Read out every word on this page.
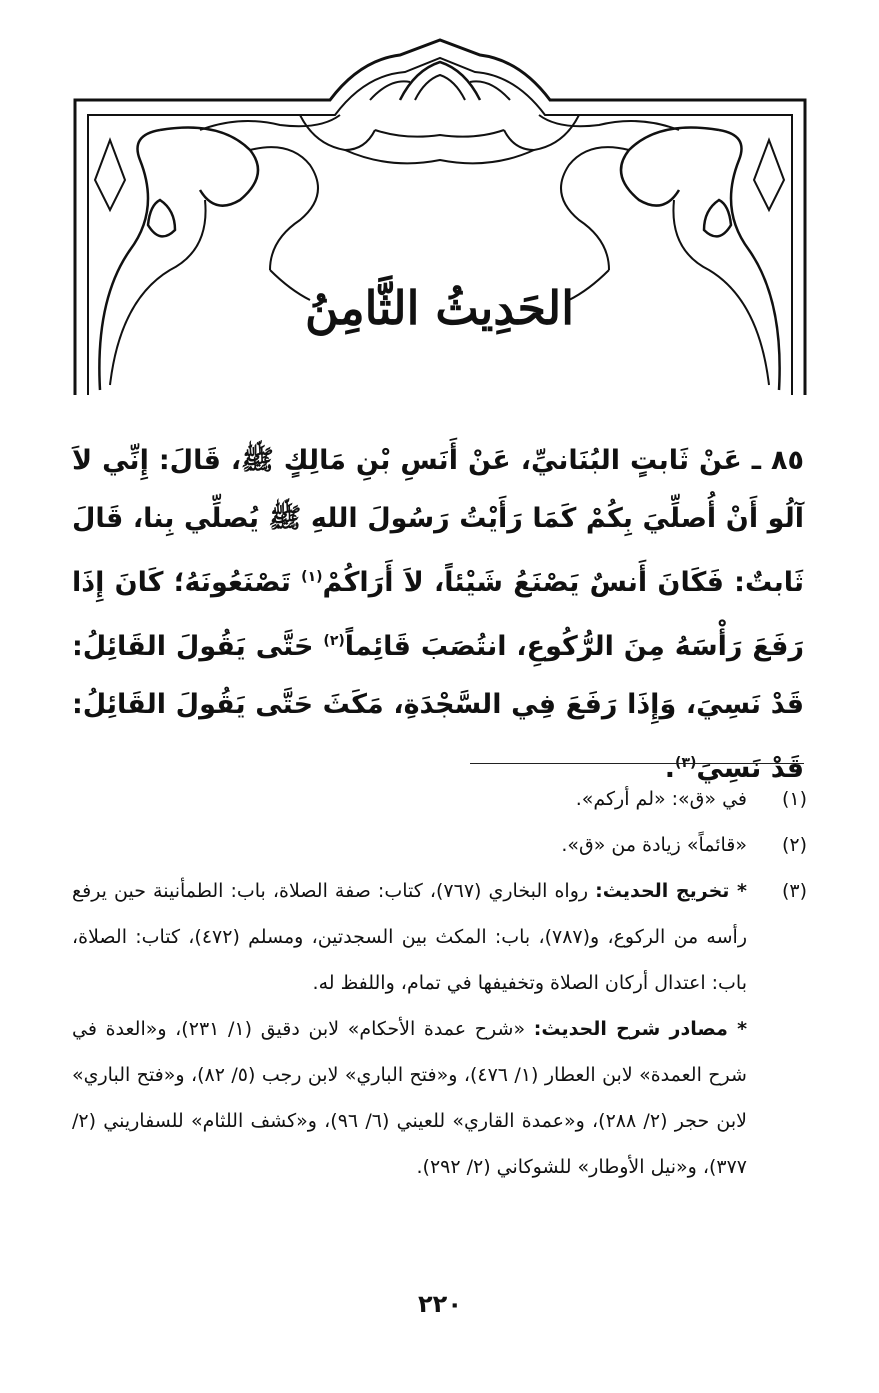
الحَدِيثُ الثَّامِنُ
٨٥ ـ عَنْ ثَابتٍ البُنَانيِّ، عَنْ أَنَسِ بْنِ مَالِكٍ ﷺ، قَالَ: إِنِّي لاَ آلُو أَنْ أُصلِّيَ بِكُمْ كَمَا رَأَيْتُ رَسُولَ اللهِ ﷺ يُصلِّي بِنا، قَالَ ثَابتٌ: فَكَانَ أَنسٌ يَصْنَعُ شَيْئاً، لاَ أَرَاكُمْ$^{(١)}$ تَصْنَعُونَهُ؛ كَانَ إِذَا رَفَعَ رَأْسَهُ مِنَ الرُّكُوعِ، انتُصَبَ قَائِماً$^{(٢)}$ حَتَّى يَقُولَ القَائِلُ: قَدْ نَسِيَ، وَإِذَا رَفَعَ فِي السَّجْدَةِ، مَكَثَ حَتَّى يَقُولَ القَائِلُ: قَدْ نَسِيَ$^{(٣)}$.
(١)
في «ق»: «لم أركم».
(٢)
«قائماً» زيادة من «ق».
(٣)
* تخريج الحديث: رواه البخاري (٧٦٧)، كتاب: صفة الصلاة، باب: الطمأنينة حين يرفع رأسه من الركوع، و(٧٨٧)، باب: المكث بين السجدتين، ومسلم (٤٧٢)، كتاب: الصلاة، باب: اعتدال أركان الصلاة وتخفيفها في تمام، واللفظ له.
* مصادر شرح الحديث: «شرح عمدة الأحكام» لابن دقيق (١/ ٢٣١)، و«العدة في شرح العمدة» لابن العطار (١/ ٤٧٦)، و«فتح الباري» لابن رجب (٥/ ٨٢)، و«فتح الباري» لابن حجر (٢/ ٢٨٨)، و«عمدة القاري» للعيني (٦/ ٩٦)، و«كشف اللثام» للسفاريني (٢/ ٣٧٧)، و«نيل الأوطار» للشوكاني (٢/ ٢٩٢).
٢٢٠
